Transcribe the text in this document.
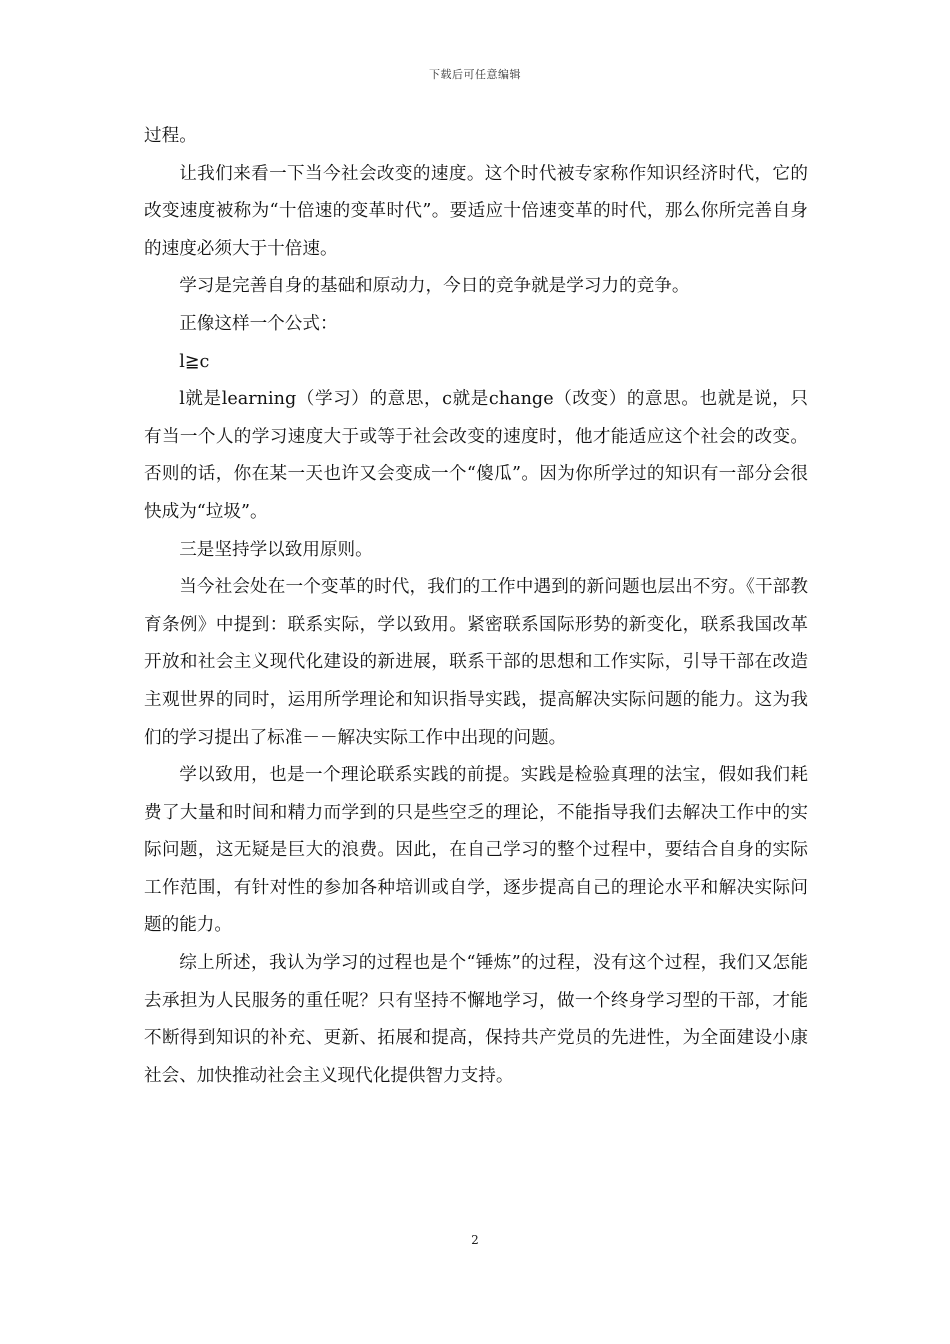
下载后可任意编辑

过程。

让我们来看一下当今社会改变的速度。这个时代被专家称作知识经济时代，它的改变速度被称为“十倍速的变革时代”。要适应十倍速变革的时代，那么你所完善自身的速度必须大于十倍速。

学习是完善自身的基础和原动力，今日的竞争就是学习力的竞争。

正像这样一个公式：

l≧c

l就是learning（学习）的意思，c就是change（改变）的意思。也就是说，只有当一个人的学习速度大于或等于社会改变的速度时，他才能适应这个社会的改变。否则的话，你在某一天也许又会变成一个“傻瓜”。因为你所学过的知识有一部分会很快成为“垃圾”。

三是坚持学以致用原则。

当今社会处在一个变革的时代，我们的工作中遇到的新问题也层出不穷。《干部教育条例》中提到：联系实际，学以致用。紧密联系国际形势的新变化，联系我国改革开放和社会主义现代化建设的新进展，联系干部的思想和工作实际，引导干部在改造主观世界的同时，运用所学理论和知识指导实践，提高解决实际问题的能力。这为我们的学习提出了标准－－解决实际工作中出现的问题。

学以致用，也是一个理论联系实践的前提。实践是检验真理的法宝，假如我们耗费了大量和时间和精力而学到的只是些空乏的理论，不能指导我们去解决工作中的实际问题，这无疑是巨大的浪费。因此，在自己学习的整个过程中，要结合自身的实际工作范围，有针对性的参加各种培训或自学，逐步提高自己的理论水平和解决实际问题的能力。

综上所述，我认为学习的过程也是个“锤炼”的过程，没有这个过程，我们又怎能去承担为人民服务的重任呢？只有坚持不懈地学习，做一个终身学习型的干部，才能不断得到知识的补充、更新、拓展和提高，保持共产党员的先进性，为全面建设小康社会、加快推动社会主义现代化提供智力支持。

2
